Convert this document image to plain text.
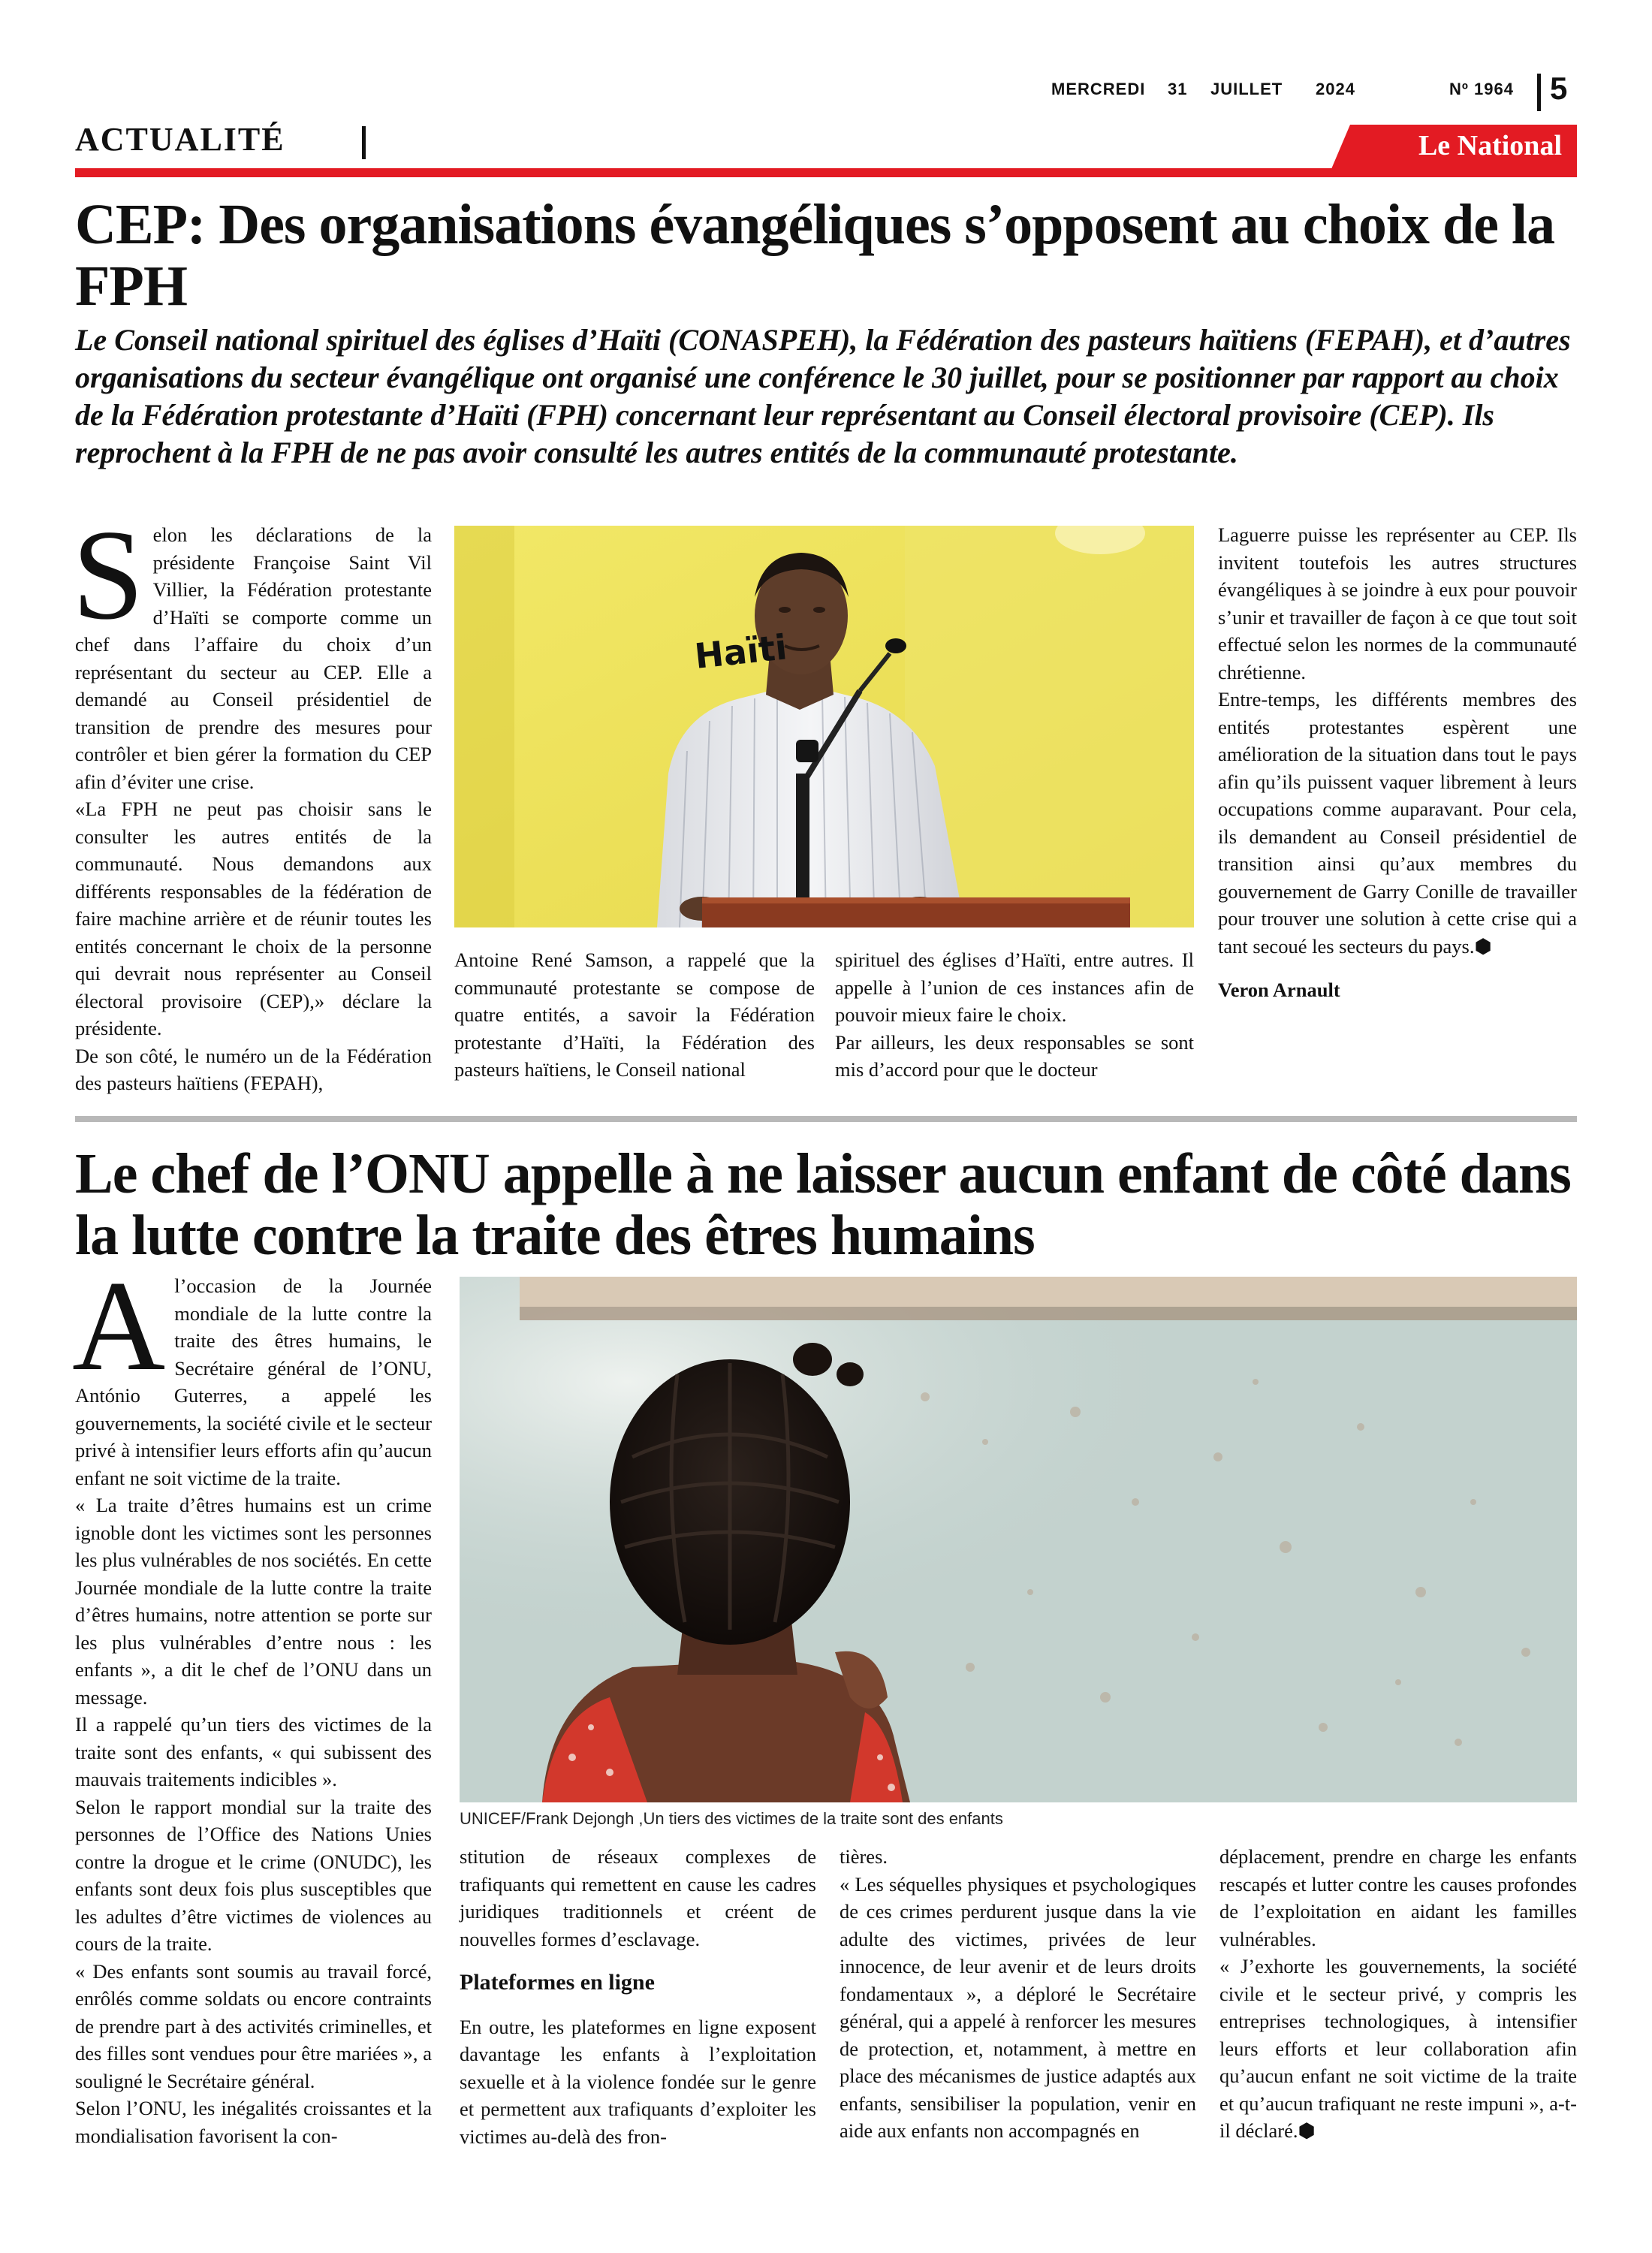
MERCREDI 31 JUILLET 2024	Nº 1964 5
ACTUALITÉ	Le National
CEP: Des organisations évangéliques s’opposent au choix de la FPH
Le Conseil national spirituel des églises d’Haïti (CONASPEH), la Fédération des pasteurs haïtiens (FEPAH), et d’autres organisations du secteur évangélique ont organisé une conférence le 30 juillet, pour se positionner par rapport au choix de la Fédération protestante d’Haïti (FPH) concernant leur représentant au Conseil électoral provisoire (CEP). Ils reprochent à la FPH de ne pas avoir consulté les autres entités de la communauté protestante.
S elon les déclarations de la présidente Françoise Saint Vil Villier, la Fédération protestante d’Haïti se comporte comme un chef dans l’affaire du choix d’un représentant du secteur au CEP. Elle a demandé au Conseil présidentiel de transition de prendre des mesures pour contrôler et bien gérer la formation du CEP afin d’éviter une crise.

«La FPH ne peut pas choisir sans le consulter les autres entités de la communauté. Nous demandons aux différents responsables de la fédération de faire machine arrière et de réunir toutes les entités concernant le choix de la personne qui devrait nous représenter au Conseil électoral provisoire (CEP),» déclare la présidente.

De son côté, le numéro un de la Fédération des pasteurs haïtiens (FEPAH),

Haïti

Antoine René Samson, a rappelé que la communauté protestante se compose de quatre entités, a savoir la Fédération protestante d’Haïti, la Fédération des pasteurs haïtiens, le Conseil national

spirituel des églises d’Haïti, entre autres. Il appelle à l’union de ces instances afin de pouvoir mieux faire le choix.

Par ailleurs, les deux responsables se sont mis d’accord pour que le docteur

Laguerre puisse les représenter au CEP. Ils invitent toutefois les autres structures évangéliques à se joindre à eux pour pouvoir s’unir et travailler de façon à ce que tout soit effectué selon les normes de la communauté chrétienne.

Entre-temps, les différents membres des entités protestantes espèrent une amélioration de la situation dans tout le pays afin qu’ils puissent vaquer librement à leurs occupations comme auparavant. Pour cela, ils demandent au Conseil présidentiel de transition ainsi qu’aux membres du gouvernement de Garry Conille de travailler pour trouver une solution à cette crise qui a tant secoué les secteurs du pays.⬢

Veron Arnault

Le chef de l’ONU appelle à ne laisser aucun enfant de côté dans la lutte contre la traite des êtres humains
A l’occasion de la Journée mondiale de la lutte contre la traite des êtres humains, le Secrétaire général de l’ONU, António Guterres, a appelé les gouvernements, la société civile et le secteur privé à intensifier leurs efforts afin qu’aucun enfant ne soit victime de la traite.

« La traite d’êtres humains est un crime ignoble dont les victimes sont les personnes les plus vulnérables de nos sociétés. En cette Journée mondiale de la lutte contre la traite d’êtres humains, notre attention se porte sur les plus vulnérables d’entre nous : les enfants », a dit le chef de l’ONU dans un message.

Il a rappelé qu’un tiers des victimes de la traite sont des enfants, « qui subissent des mauvais traitements indicibles ».

Selon le rapport mondial sur la traite des personnes de l’Office des Nations Unies contre la drogue et le crime (ONUDC), les enfants sont deux fois plus susceptibles que les adultes d’être victimes de violences au cours de la traite.

« Des enfants sont soumis au travail forcé, enrôlés comme soldats ou encore contraints de prendre part à des activités criminelles, et des filles sont vendues pour être mariées », a souligné le Secrétaire général.

Selon l’ONU, les inégalités croissantes et la mondialisation favorisent la con-

UNICEF/Frank Dejongh ,Un tiers des victimes de la traite sont des enfants

stitution de réseaux complexes de trafiquants qui remettent en cause les cadres juridiques traditionnels et créent de nouvelles formes d’esclavage.

Plateformes en ligne

En outre, les plateformes en ligne exposent davantage les enfants à l’exploitation sexuelle et à la violence fondée sur le genre et permettent aux trafiquants d’exploiter les victimes au-delà des fron-

tières.

« Les séquelles physiques et psychologiques de ces crimes perdurent jusque dans la vie adulte des victimes, privées de leur innocence, de leur avenir et de leurs droits fondamentaux », a déploré le Secrétaire général, qui a appelé à renforcer les mesures de protection, et, notamment, à mettre en place des mécanismes de justice adaptés aux enfants, sensibiliser la population, venir en aide aux enfants non accompagnés en

déplacement, prendre en charge les enfants rescapés et lutter contre les causes profondes de l’exploitation en aidant les familles vulnérables.

« J’exhorte les gouvernements, la société civile et le secteur privé, y compris les entreprises technologiques, à intensifier leurs efforts et leur collaboration afin qu’aucun enfant ne soit victime de la traite et qu’aucun trafiquant ne reste impuni », a-t-il déclaré.⬢
